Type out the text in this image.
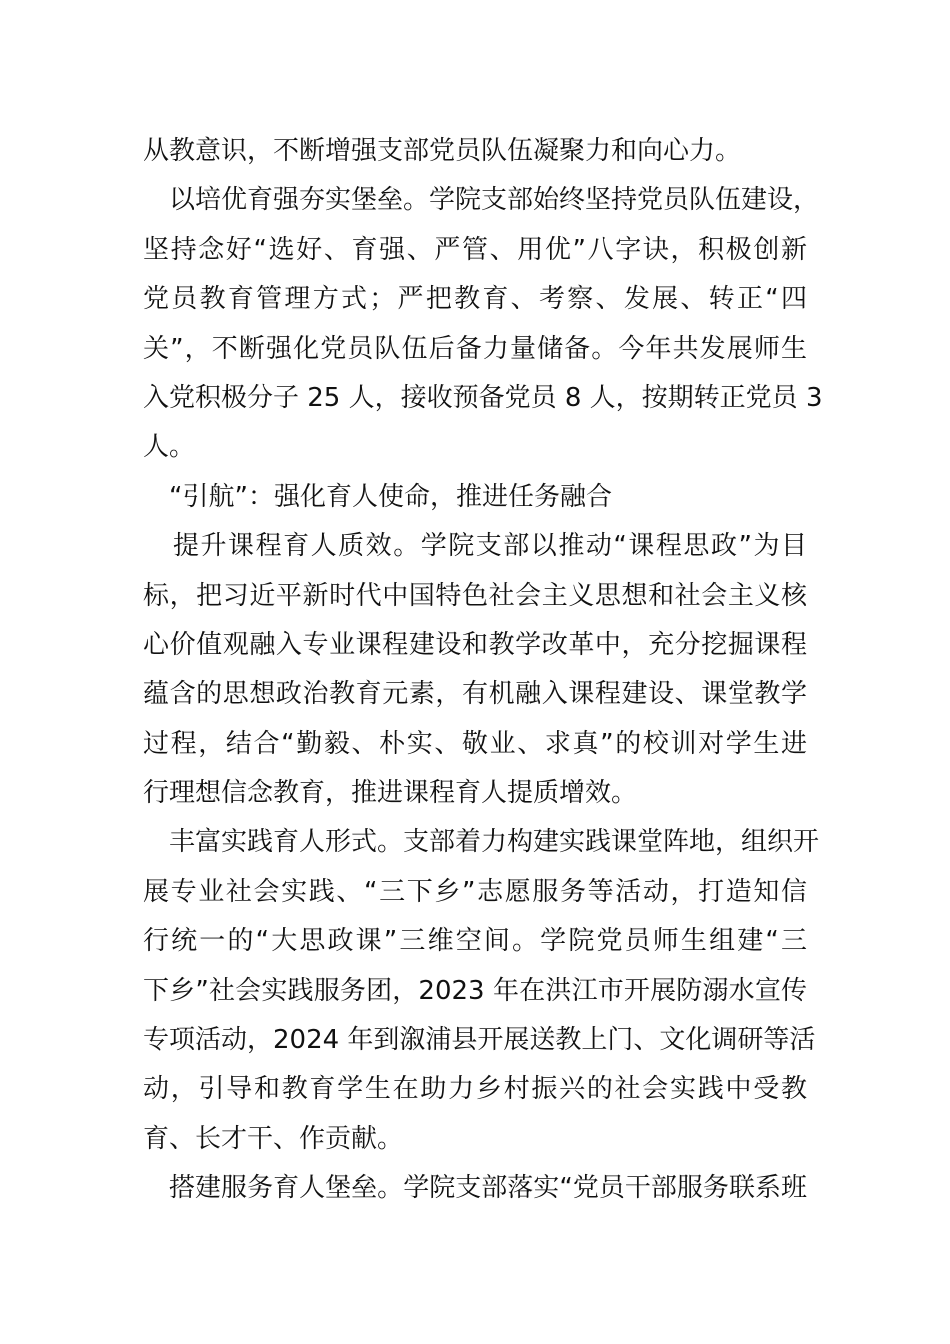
从教意识，不断增强支部党员队伍凝聚力和向心力。
以培优育强夯实堡垒。学院支部始终坚持党员队伍建设，
坚持念好“选好、育强、严管、用优”八字诀，积极创新
党员教育管理方式；严把教育、考察、发展、转正“四
关”，不断强化党员队伍后备力量储备。今年共发展师生
入党积极分子 25 人，接收预备党员 8 人，按期转正党员 3
人。
“引航”：强化育人使命，推进任务融合
提升课程育人质效。学院支部以推动“课程思政”为目
标，把习近平新时代中国特色社会主义思想和社会主义核
心价值观融入专业课程建设和教学改革中，充分挖掘课程
蕴含的思想政治教育元素，有机融入课程建设、课堂教学
过程，结合“勤毅、朴实、敬业、求真”的校训对学生进
行理想信念教育，推进课程育人提质增效。
丰富实践育人形式。支部着力构建实践课堂阵地，组织开
展专业社会实践、“三下乡”志愿服务等活动，打造知信
行统一的“大思政课”三维空间。学院党员师生组建“三
下乡”社会实践服务团，2023 年在洪江市开展防溺水宣传
专项活动，2024 年到溆浦县开展送教上门、文化调研等活
动，引导和教育学生在助力乡村振兴的社会实践中受教
育、长才干、作贡献。
搭建服务育人堡垒。学院支部落实“党员干部服务联系班
